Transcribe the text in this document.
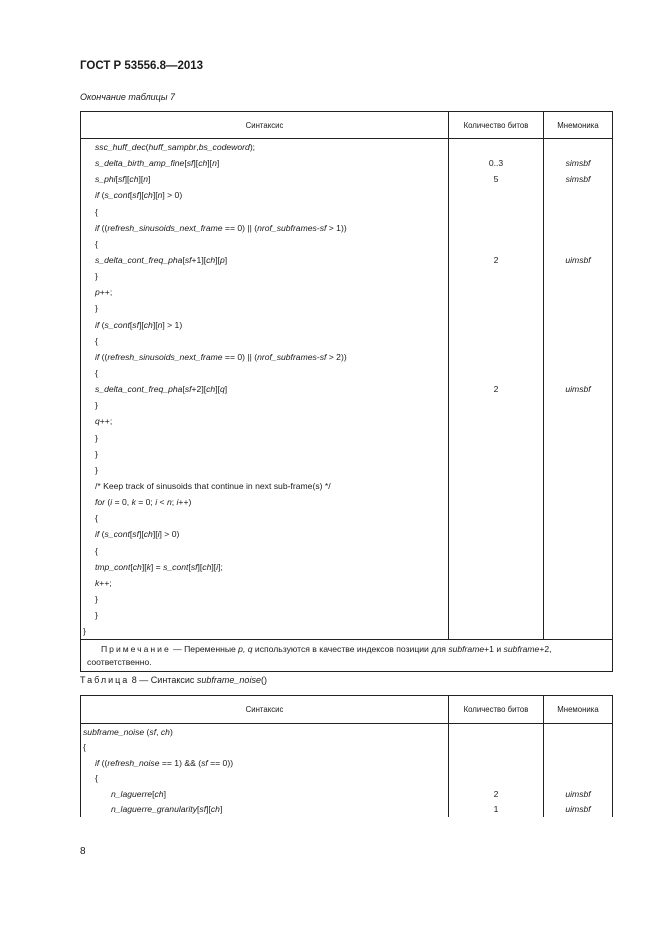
ГОСТ Р 53556.8—2013
Окончание таблицы 7
Синтаксис	Количество битов	Мнемоника
ssc_huff_dec(huff_sampbr,bs_codeword);		
s_delta_birth_amp_fine[sf][ch][n]	0..3	simsbf
s_phi[sf][ch][n]	5	simsbf
if (s_cont[sf][ch][n] > 0)		
{		
if ((refresh_sinusoids_next_frame == 0) || (nrof_subframes-sf > 1))		
{		
s_delta_cont_freq_pha[sf+1][ch][p]	2	uimsbf
}		
p++;		
}		
if (s_cont[sf][ch][n] > 1)		
{		
if ((refresh_sinusoids_next_frame == 0) || (nrof_subframes-sf > 2))		
{		
s_delta_cont_freq_pha[sf+2][ch][q]	2	uimsbf
}		
q++;		
}		
}		
}		
/* Keep track of sinusoids that continue in next sub-frame(s) */		
for (i = 0, k = 0; i < n; i++)		
{		
if (s_cont[sf][ch][i] > 0)		
{		
tmp_cont[ch][k] = s_cont[sf][ch][i];		
k++;		
}		
}		
}		
Примечание — Переменные p, q используются в качестве индексов позиции для subframe+1 и subframe+2, соответственно.		
Таблица 8 — Синтаксис subframe_noise()
Синтаксис	Количество битов	Мнемоника
subframe_noise (sf, ch)		
{		
if ((refresh_noise == 1) && (sf == 0))		
{		
n_laguerre[ch]	2	uimsbf
n_laguerre_granularity[sf][ch]	1	uimsbf
8
